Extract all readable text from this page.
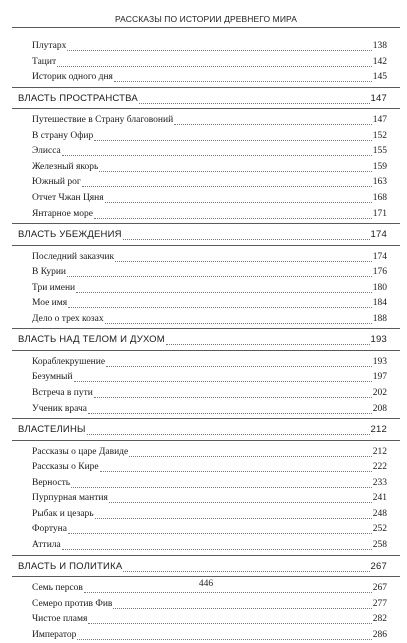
РАССКАЗЫ ПО ИСТОРИИ ДРЕВНЕГО МИРА
Плутарх	138
Тацит	142
Историк одного дня	145
ВЛАСТЬ ПРОСТРАНСТВА	147
Путешествие в Страну благовоний	147
В страну Офир	152
Элисса	155
Железный якорь	159
Южный рог	163
Отчет Чжан Цяня	168
Янтарное море	171
ВЛАСТЬ УБЕЖДЕНИЯ	174
Последний заказчик	174
В Курии	176
Три имени	180
Мое имя	184
Дело о трех козах	188
ВЛАСТЬ НАД ТЕЛОМ И ДУХОМ	193
Кораблекрушение	193
Безумный	197
Встреча в пути	202
Ученик врача	208
ВЛАСТЕЛИНЫ	212
Рассказы о царе Давиде	212
Рассказы о Кире	222
Верность	233
Пурпурная мантия	241
Рыбак и цезарь	248
Фортуна	252
Аттила	258
ВЛАСТЬ И ПОЛИТИКА	267
Семь персов	267
Семеро против Фив	277
Чистое пламя	282
Император	286
446
